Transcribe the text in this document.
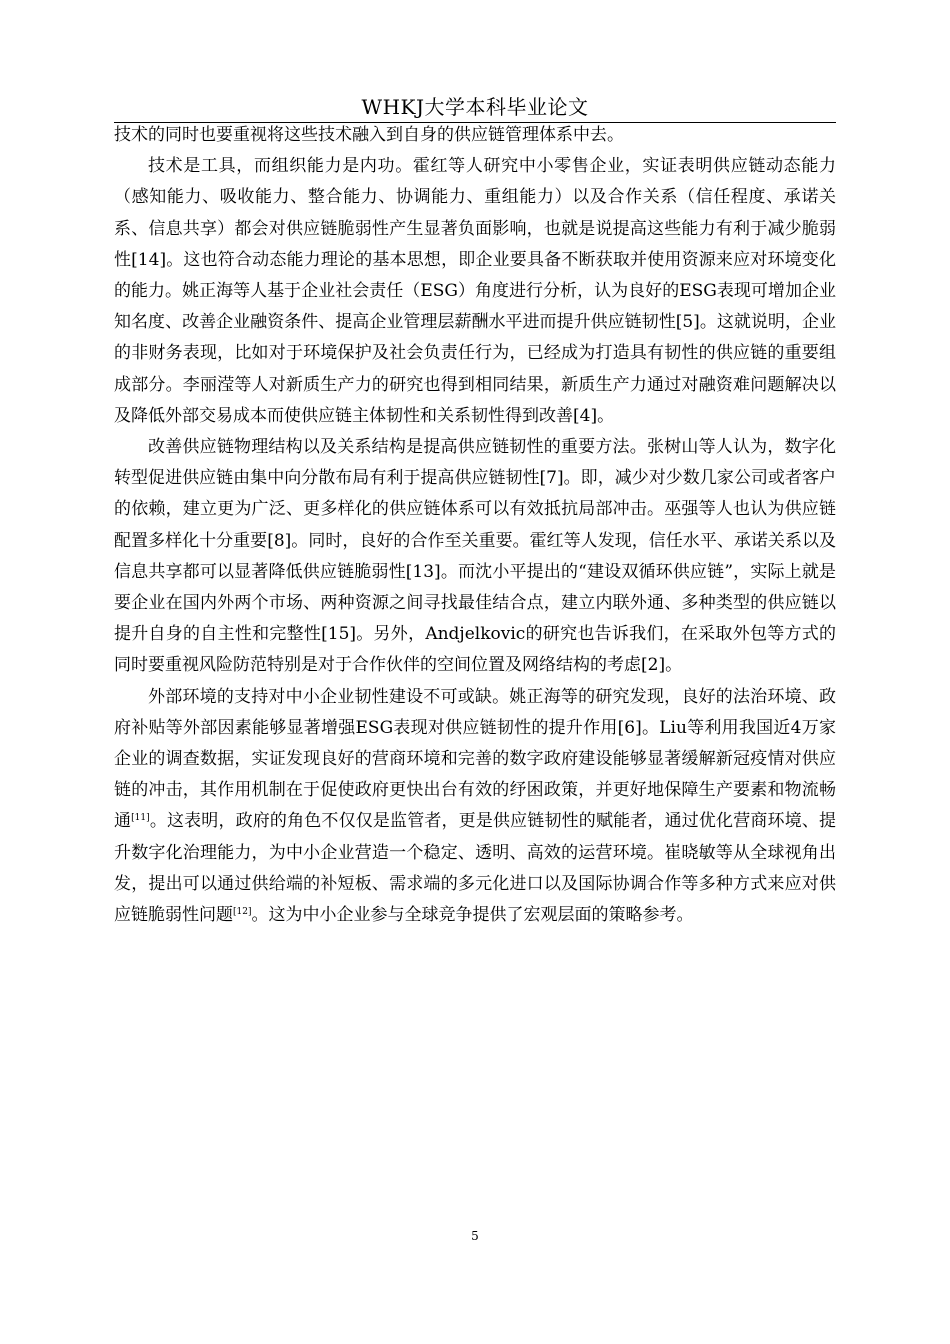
WHKJ大学本科毕业论文

技术的同时也要重视将这些技术融入到自身的供应链管理体系中去。

技术是工具，而组织能力是内功。霍红等人研究中小零售企业，实证表明供应链动态能力（感知能力、吸收能力、整合能力、协调能力、重组能力）以及合作关系（信任程度、承诺关系、信息共享）都会对供应链脆弱性产生显著负面影响，也就是说提高这些能力有利于减少脆弱性[14]。这也符合动态能力理论的基本思想，即企业要具备不断获取并使用资源来应对环境变化的能力。姚正海等人基于企业社会责任（ESG）角度进行分析，认为良好的ESG表现可增加企业知名度、改善企业融资条件、提高企业管理层薪酬水平进而提升供应链韧性[5]。这就说明，企业的非财务表现，比如对于环境保护及社会负责任行为，已经成为打造具有韧性的供应链的重要组成部分。李丽滢等人对新质生产力的研究也得到相同结果，新质生产力通过对融资难问题解决以及降低外部交易成本而使供应链主体韧性和关系韧性得到改善[4]。

改善供应链物理结构以及关系结构是提高供应链韧性的重要方法。张树山等人认为，数字化转型促进供应链由集中向分散布局有利于提高供应链韧性[7]。即，减少对少数几家公司或者客户的依赖，建立更为广泛、更多样化的供应链体系可以有效抵抗局部冲击。巫强等人也认为供应链配置多样化十分重要[8]。同时，良好的合作至关重要。霍红等人发现，信任水平、承诺关系以及信息共享都可以显著降低供应链脆弱性[13]。而沈小平提出的“建设双循环供应链”，实际上就是要企业在国内外两个市场、两种资源之间寻找最佳结合点，建立内联外通、多种类型的供应链以提升自身的自主性和完整性[15]。另外，Andjelkovic的研究也告诉我们，在采取外包等方式的同时要重视风险防范特别是对于合作伙伴的空间位置及网络结构的考虑[2]。

外部环境的支持对中小企业韧性建设不可或缺。姚正海等的研究发现，良好的法治环境、政府补贴等外部因素能够显著增强ESG表现对供应链韧性的提升作用[6]。Liu等利用我国近4万家企业的调查数据，实证发现良好的营商环境和完善的数字政府建设能够显著缓解新冠疫情对供应链的冲击，其作用机制在于促使政府更快出台有效的纾困政策，并更好地保障生产要素和物流畅通[11]。这表明，政府的角色不仅仅是监管者，更是供应链韧性的赋能者，通过优化营商环境、提升数字化治理能力，为中小企业营造一个稳定、透明、高效的运营环境。崔晓敏等从全球视角出发，提出可以通过供给端的补短板、需求端的多元化进口以及国际协调合作等多种方式来应对供应链脆弱性问题[12]。这为中小企业参与全球竞争提供了宏观层面的策略参考。

5
